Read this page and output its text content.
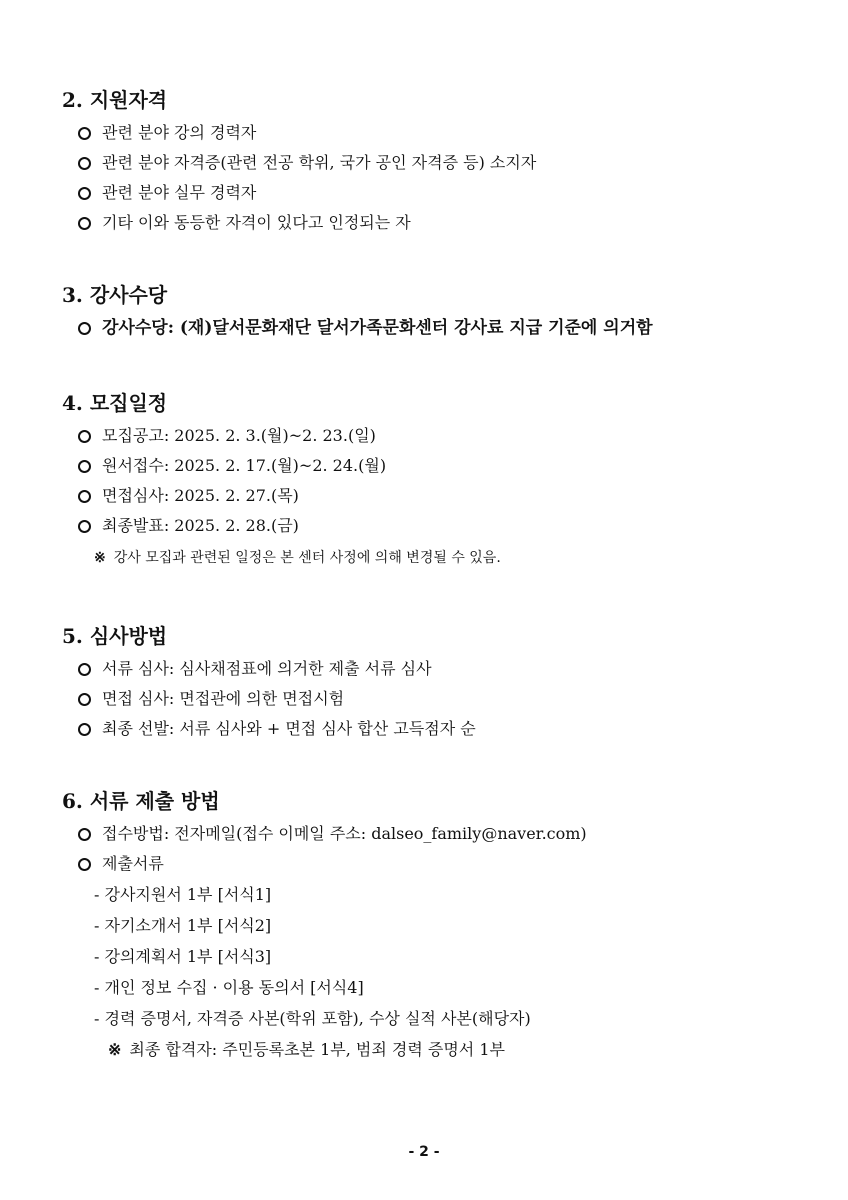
2. 지원자격
관련 분야 강의 경력자
관련 분야 자격증(관련 전공 학위, 국가 공인 자격증 등) 소지자
관련 분야 실무 경력자
기타 이와 동등한 자격이 있다고 인정되는 자
3. 강사수당
강사수당: (재)달서문화재단 달서가족문화센터 강사료 지급 기준에 의거함
4. 모집일정
모집공고: 2025. 2. 3.(월)~2. 23.(일)
원서접수: 2025. 2. 17.(월)~2. 24.(월)
면접심사: 2025. 2. 27.(목)
최종발표: 2025. 2. 28.(금)
※ 강사 모집과 관련된 일정은 본 센터 사정에 의해 변경될 수 있음.
5. 심사방법
서류 심사: 심사채점표에 의거한 제출 서류 심사
면접 심사: 면접관에 의한 면접시험
최종 선발: 서류 심사와 + 면접 심사 합산 고득점자 순
6. 서류 제출 방법
접수방법: 전자메일(접수 이메일 주소: dalseo_family@naver.com)
제출서류
- 강사지원서 1부 [서식1]
- 자기소개서 1부 [서식2]
- 강의계획서 1부 [서식3]
- 개인 정보 수집 · 이용 동의서 [서식4]
- 경력 증명서, 자격증 사본(학위 포함), 수상 실적 사본(해당자)
※ 최종 합격자: 주민등록초본 1부, 범죄 경력 증명서 1부
- 2 -
